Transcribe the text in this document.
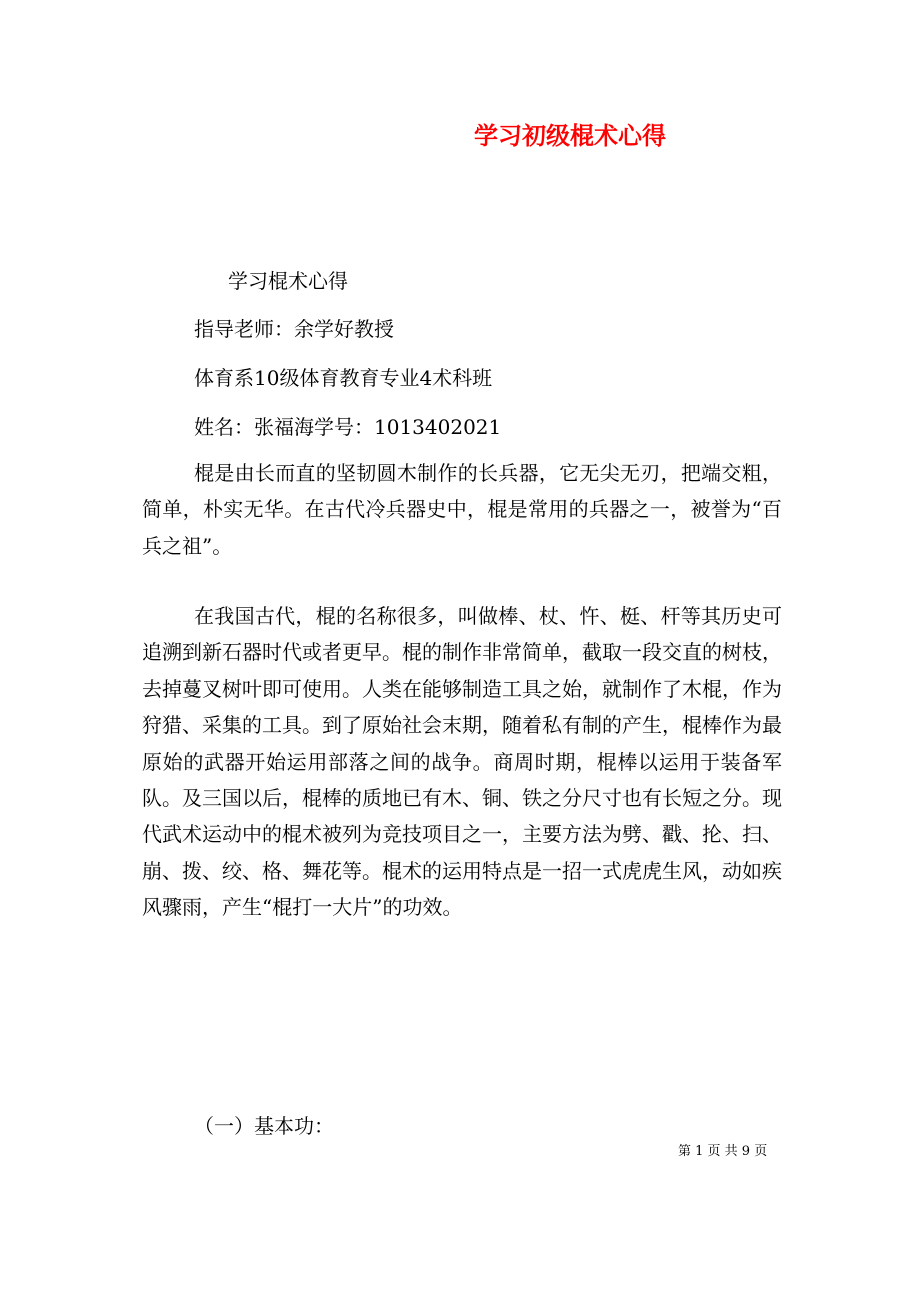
学习初级棍术心得
学习棍术心得
指导老师：余学好教授
体育系10级体育教育专业4术科班
姓名：张福海学号：1013402021
棍是由长而直的坚韧圆木制作的长兵器，它无尖无刃，把端交粗，简单，朴实无华。在古代冷兵器史中，棍是常用的兵器之一，被誉为“百兵之祖”。
在我国古代，棍的名称很多，叫做棒、杖、忤、梃、杆等其历史可追溯到新石器时代或者更早。棍的制作非常简单，截取一段交直的树枝，去掉蔓叉树叶即可使用。人类在能够制造工具之始，就制作了木棍，作为狩猎、采集的工具。到了原始社会末期，随着私有制的产生，棍棒作为最原始的武器开始运用部落之间的战争。商周时期，棍棒以运用于装备军队。及三国以后，棍棒的质地已有木、铜、铁之分尺寸也有长短之分。现代武术运动中的棍术被列为竞技项目之一，主要方法为劈、戳、抡、扫、崩、拨、绞、格、舞花等。棍术的运用特点是一招一式虎虎生风，动如疾风骤雨，产生“棍打一大片”的功效。
（一）基本功：
第 1 页 共 9 页
